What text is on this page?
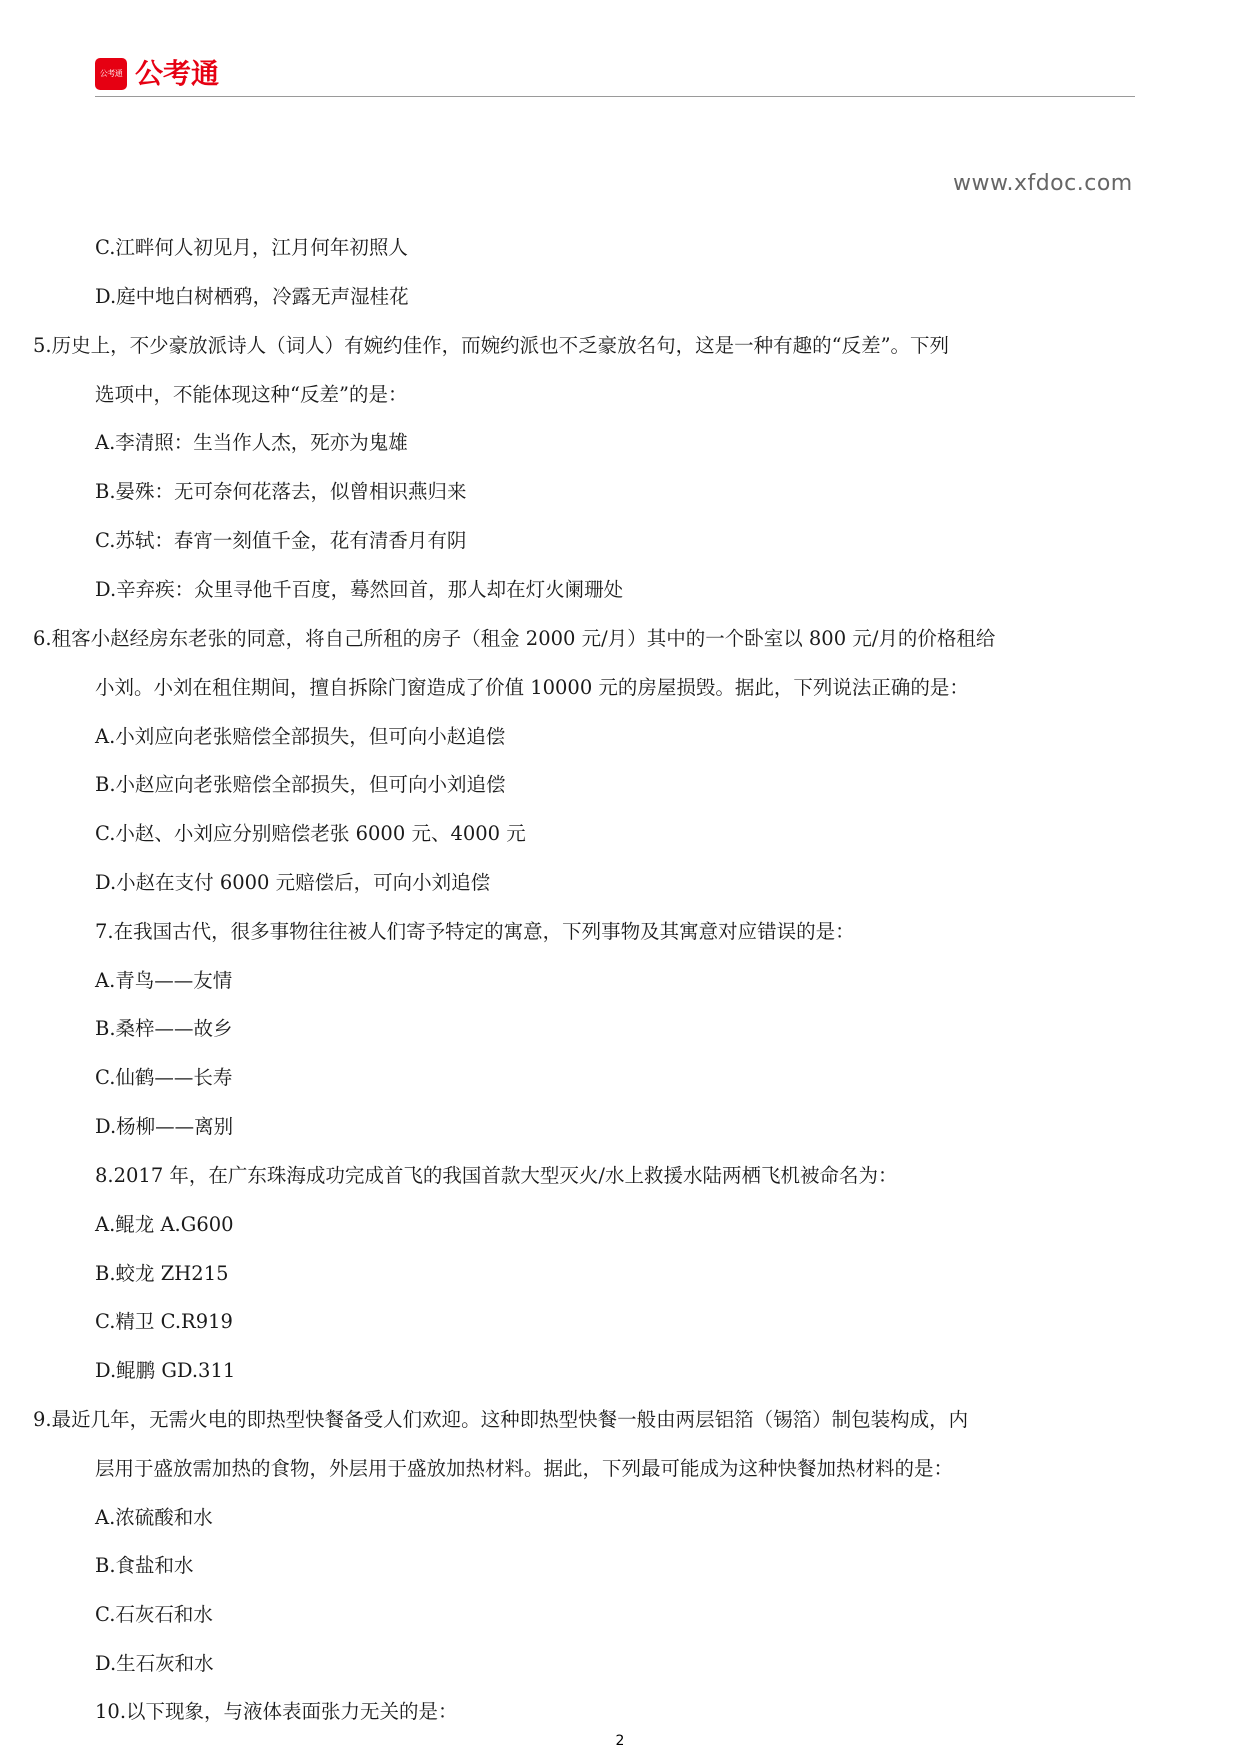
公考通 公考通
www.xfdoc.com
C.江畔何人初见月，江月何年初照人
D.庭中地白树栖鸦，冷露无声湿桂花
5.历史上，不少豪放派诗人（词人）有婉约佳作，而婉约派也不乏豪放名句，这是一种有趣的“反差”。下列
选项中，不能体现这种“反差”的是：
A.李清照：生当作人杰，死亦为鬼雄
B.晏殊：无可奈何花落去，似曾相识燕归来
C.苏轼：春宵一刻值千金，花有清香月有阴
D.辛弃疾：众里寻他千百度，蓦然回首，那人却在灯火阑珊处
6.租客小赵经房东老张的同意，将自己所租的房子（租金 2000 元/月）其中的一个卧室以 800 元/月的价格租给
小刘。小刘在租住期间，擅自拆除门窗造成了价值 10000 元的房屋损毁。据此，下列说法正确的是：
A.小刘应向老张赔偿全部损失，但可向小赵追偿
B.小赵应向老张赔偿全部损失，但可向小刘追偿
C.小赵、小刘应分别赔偿老张 6000 元、4000 元
D.小赵在支付 6000 元赔偿后，可向小刘追偿
7.在我国古代，很多事物往往被人们寄予特定的寓意，下列事物及其寓意对应错误的是：
A.青鸟——友情
B.桑梓——故乡
C.仙鹤——长寿
D.杨柳——离别
8.2017 年，在广东珠海成功完成首飞的我国首款大型灭火/水上救援水陆两栖飞机被命名为：
A.鲲龙 A.G600
B.蛟龙 ZH215
C.精卫 C.R919
D.鲲鹏 GD.311
9.最近几年，无需火电的即热型快餐备受人们欢迎。这种即热型快餐一般由两层铝箔（锡箔）制包装构成，内
层用于盛放需加热的食物，外层用于盛放加热材料。据此，下列最可能成为这种快餐加热材料的是：
A.浓硫酸和水
B.食盐和水
C.石灰石和水
D.生石灰和水
10.以下现象，与液体表面张力无关的是：
2
